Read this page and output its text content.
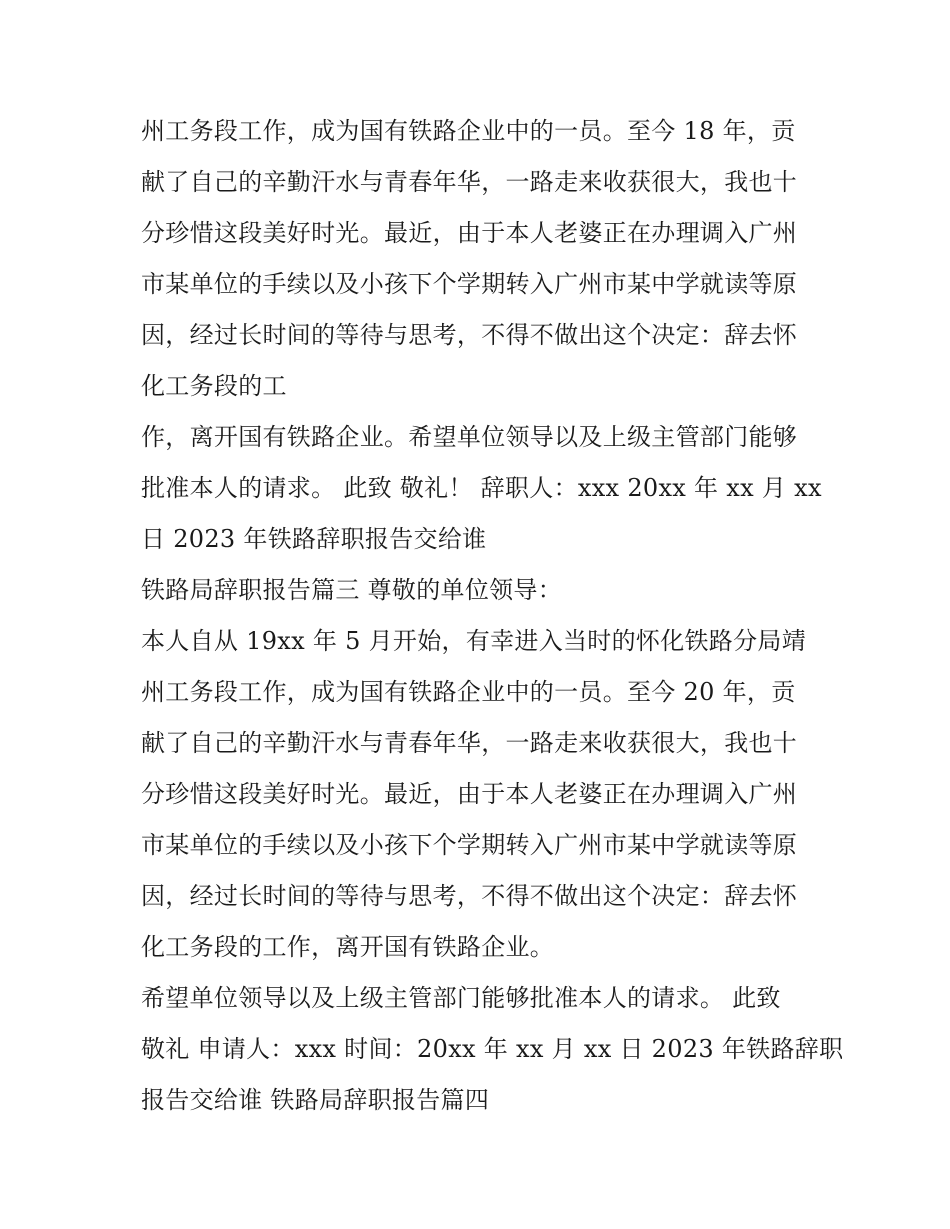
州工务段工作，成为国有铁路企业中的一员。至今 18 年，贡
献了自己的辛勤汗水与青春年华，一路走来收获很大，我也十
分珍惜这段美好时光。最近，由于本人老婆正在办理调入广州
市某单位的手续以及小孩下个学期转入广州市某中学就读等原
因，经过长时间的等待与思考，不得不做出这个决定：辞去怀
化工务段的工
作，离开国有铁路企业。希望单位领导以及上级主管部门能够
批准本人的请求。 此致 敬礼！ 辞职人：xxx 20xx 年 xx 月 xx
日 2023 年铁路辞职报告交给谁
铁路局辞职报告篇三 尊敬的单位领导：
本人自从 19xx 年 5 月开始，有幸进入当时的怀化铁路分局靖
州工务段工作，成为国有铁路企业中的一员。至今 20 年，贡
献了自己的辛勤汗水与青春年华，一路走来收获很大，我也十
分珍惜这段美好时光。最近，由于本人老婆正在办理调入广州
市某单位的手续以及小孩下个学期转入广州市某中学就读等原
因，经过长时间的等待与思考，不得不做出这个决定：辞去怀
化工务段的工作，离开国有铁路企业。
希望单位领导以及上级主管部门能够批准本人的请求。 此致
敬礼 申请人：xxx 时间：20xx 年 xx 月 xx 日 2023 年铁路辞职
报告交给谁 铁路局辞职报告篇四
